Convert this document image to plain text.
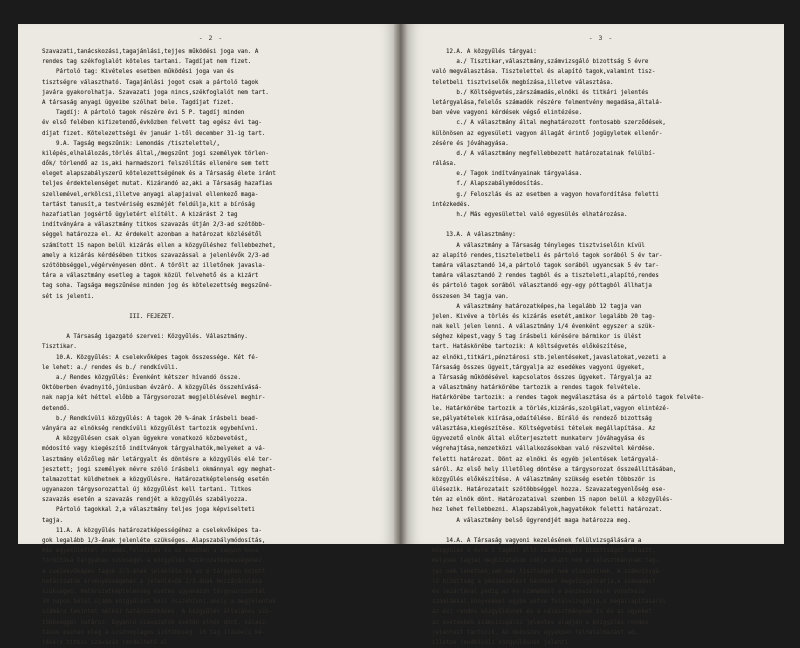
- 2 -
Szavazati,tanácskozási,tagajánlási,tejjes működési joga van. A
rendes tag székfoglalót köteles tartani. Tagdíjat nem fizet.
Pártoló tag: Kivételes esetben működési joga van és
tisztségre választható. Tagajánlási jogot csak a pártoló tagok
javára gyakorolhatja. Szavazati joga nincs,székfoglalót nem tart.
A társaság anyagi ügyeibe szólhat bele. Tagdíjat fizet.
Tagdíj: A pártoló tagok részére évi 5 P. tagdíj minden
év első felében kifizetendő,évközben felvett tag egész évi tag-
díjat fizet. Kötelezettségi év január 1-től december 31-ig tart.
9.A. Tagság megszűnik: Lemondás /tisztelettel/,
kilépés,elhalálozás,törlés által,/megszűnt jogi személyek törlen-
dők/ törlendő az is,aki harmadszori felszólítás ellenére sem tett
eleget alapszabályszerű kötelezettségének és a Társaság élete iránt
teljes érdektelenséget mutat. Kizárandó az,aki a Társaság hazafias
szellemével,erkölcsi,illetve anyagi alapjaival ellenkező maga-
tartást tanusít,a testvériség eszméjét feldúlja,kit a bíróság
hazafiatlan jogsértő ügyletért elítélt. A kizárást 2 tag
indítványára a választmány titkos szavazás útján 2/3-ad szótöbb-
séggel határozza el. Az érdekelt azonban a határozat közlésétől
számított 15 napon belül kizárás ellen a közgyűléshez fellebbezhet,
amely a kizárás kérdésében titkos szavazással a jelenlévők 2/3-ad
szótöbbséggel,végérvényesen dönt. A törölt az illetőnek javasla-
tára a választmány esetleg a tagok közül felvehető és a kizárt
tag soha. Tagsága megszűnése minden jog és kötelezettség megszűné-
sét is jelenti.
III. FEJEZET.
A Társaság igazgató szervei: Közgyűlés. Választmány.
Tisztikar.
10.A. Közgyűlés: A cselekvőképes tagok összessége. Két fé-
le lehet: a./ rendes és b./ rendkívüli.
a./ Rendes közgyűlés: Évenként kétszer hívandó össze.
Októberben évadnyitó,júniusban évzáró. A közgyűlés összehívásá-
nak napja két héttel előbb a Tárgysorozat megjelölésével meghir-
detendő.
b./ Rendkívüli közgyűlés: A tagok 20 %-ának írásbeli bead-
ványára az elnökség rendkívüli közgyűlést tartozik egybehívni.
A közgyűlésen csak olyan ügyekre vonatkozó közbevetést,
módosító vagy kiegészítő indítványok tárgyalhatók,melyeket a vá-
lasztmány előzőleg már letárgyalt és döntésre a közgyűlés elé ter-
jesztett; jogi személyek névre szóló írásbeli okmánnyal egy meghat-
talmazottat küldhetnek a közgyűlésre. Határozatképtelenség esetén
ugyanazon tárgysorozattal új közgyűlést kell tartani. Titkos
szavazás esetén a szavazás rendjét a közgyűlés szabályozza.
Pártoló tagokkal 2,a választmány teljes joga képviselteti
tagja.
11.A. A közgyűlés határozatképességéhez a cselekvőképes ta-
gok legalább 1/3-ának jelenléte szükséges. Alapszabálymódosítás,
más egyesülettel olvadás,feloszlás és az esetben a vagyon hova
fordítása tárgyában szükséges a közgyűlés határozatképességéhez
a cselekvőképes tagok 2/3-ának jelenléte és az e tárgyban hozott
határozatok érvényességéhez a jelenlévők 2/3-ának hozzájárulása
szükséges. Határozatképtelenség esetén ugyanazon tárgysorozattal
30 napon belül újabb közgyűlést kell összehívni,amely a megjelentek
számára tekintet nélkül határozatképes. A közgyűlés általános szó-
többséggel határoz. Egyenlő szavazatok esetén elnök dönt. Válasz-
tások esetén elég a viszonylagos szótöbbség. 10 tag írásbeli ké-
résére titkos szavazás rendelhető el.
- 3 -
12.A. A közgyűlés tárgyai:
a./ Tisztikar,választmány,számvizsgáló bizottság 5 évre
való megválasztása. Tisztelettel és alapító tagok,valamint tisz-
teletbeli tisztviselők megbízása,illetve választása.
b./ Költségvetés,zárszámadás,elnöki és titkári jelentés
letárgyalása,felelős számadók részére felmentvény megadása,általá-
ban véve vagyoni kérdések végső elintézése.
c./ A választmány által meghatározott fontosabb szerződések,
különösen az egyesületi vagyon állagát érintő jogügyletek ellenőr-
zésére és jóváhagyása.
d./ A választmány megfellebbezett határozatainak felülbí-
rálása.
e./ Tagok indítványainak tárgyalása.
f./ Alapszabálymódosítás.
g./ Feloszlás és az esetben a vagyon hovafordítása feletti
intézkedés.
h./ Más egyesülettel való egyesülés elhatározása.
13.A. A választmány:
A választmány a Társaság tényleges tisztviselőin kívül
az alapító rendes,tiszteletbeli és pártoló tagok sorából 5 év tar-
tamára választandó 14,a pártoló tagok sorából ugyancsak 5 év tar-
tamára választandó 2 rendes tagból és a tiszteleti,alapító,rendes
és pártoló tagok sorából választandó egy-egy póttagból állhatja
összesen 34 tagja van.
A választmány határozatképes,ha legalább 12 tagja van
jelen. Kivéve a törlés és kizárás esetét,amikor legalább 20 tag-
nak kell jelen lenni. A választmány 1/4 évenként egyszer a szük-
séghez képest,vagy 5 tag írásbeli kérésére bármikor is ülést
tart. Hatáskörébe tartozik: A költségvetés előkészítése,
az elnöki,titkári,pénztárosi stb.jelentéseket,javaslatokat,vezeti a
Társaság összes ügyeit,tárgyalja az esedékes vagyoni ügyeket,
a Társaság működésével kapcsolatos összes ügyeket. Tárgyalja az
a választmány határkörébe tartozik a rendes tagok felvétele.
Határkörébe tartozik: a rendes tagok megválasztása és a pártoló tagok felvéte-
le. Határkörébe tartozik a törlés,kizárás,szolgálat,vagyon elintézé-
se,pályatételek kiírása,odaítélése. Bíráló és rendező bizottság
választása,kiegészítése. Költségvetési tételek megállapítása. Az
ügyvezető elnök által előterjesztett munkaterv jóváhagyása és
végrehajtása,nemzetközi vállalkozásokban való részvétel kérdése.
feletti határozat. Dönt az elnöki és egyéb jelentések letárgyalá-
sáról. Az első hely illetőleg döntése a tárgysorozat összeállításában,
közgyűlés előkészítése. A választmány szükség esetén többször is
ülésezik. Határozatait szótöbbséggel hozza. Szavazategyenlőség ese-
tén az elnök dönt. Határozataival szemben 15 napon belül a közgyűlés-
hez lehet fellebbezni. Alapszabályok,hagyatékok feletti határozat.
A választmány belső ügyrendjét maga határozza meg.
14.A. A Társaság vagyoni kezelésének felülvizsgálására a
közgyűlés 5 évre 3 tagból álló számvizsgáló bizottságot választ,
melynek tagjai megbízatásuk idője alatt nem a választmánynak tag-
jai nem lehetnek,sem más tisztséget nem viselhetnek. A számvizsgá-
ló bizottság a pénzkezelést bármikor megvizsgálhatja,a számadást
év lezártával pedig az év számadást a pénzkezelésre vonatkozó
számlákkal,könyvekkel egybe vetve felülvizsgálja,s megállapításáról
az évi rendes közgyűlésnek és a választmánynak is és az ügyeket
az esetekben számvizsgálói jelentés alapján a közgyűlés rendes
jelentést tartozik. Az ökösszes ügyekben felhatalmazást ad,
illetve rendkívüli közgyűlésnek jelenti.
